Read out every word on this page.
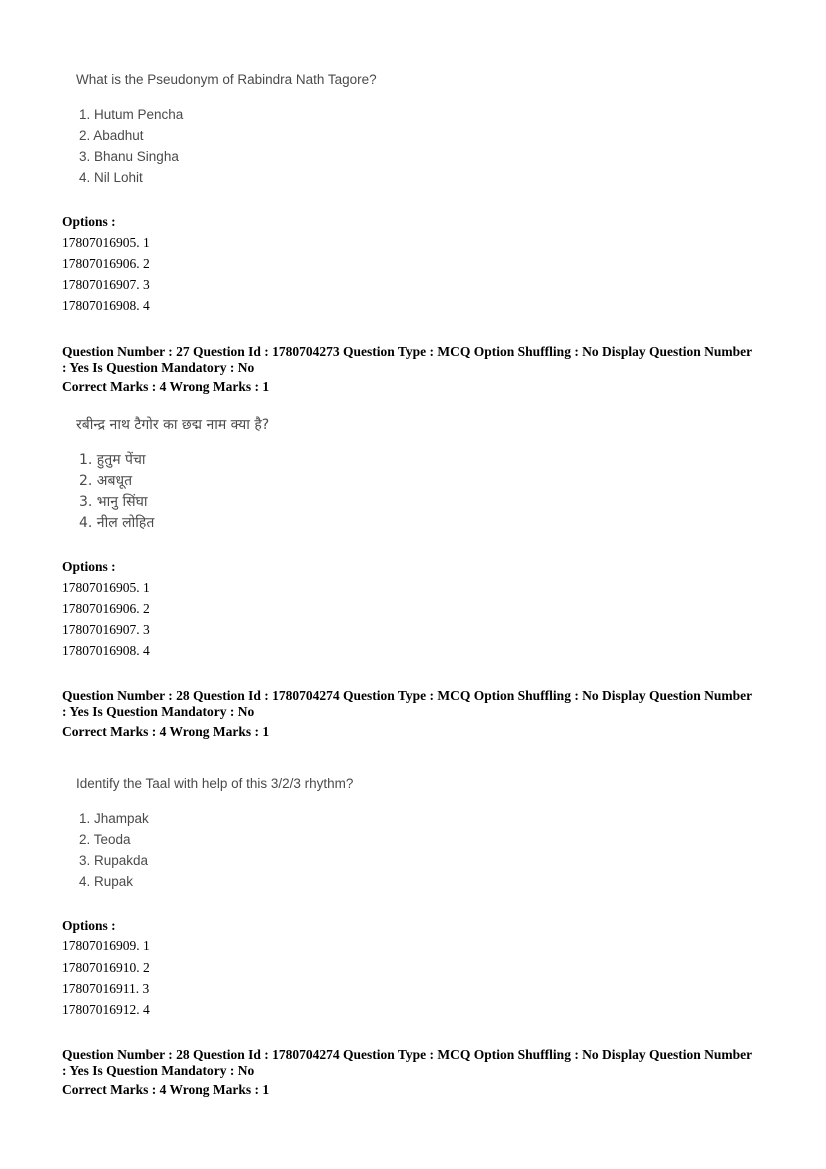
What is the Pseudonym of Rabindra Nath Tagore?
1. Hutum Pencha
2. Abadhut
3. Bhanu Singha
4. Nil Lohit
Options :
17807016905. 1
17807016906. 2
17807016907. 3
17807016908. 4
Question Number : 27 Question Id : 1780704273 Question Type : MCQ Option Shuffling : No Display Question Number : Yes Is Question Mandatory : No
Correct Marks : 4 Wrong Marks : 1
रबीन्द्र नाथ टैगोर का छद्म नाम क्या है?
1. हुतुम पेंचा
2. अबधूत
3. भानु सिंघा
4. नील लोहित
Options :
17807016905. 1
17807016906. 2
17807016907. 3
17807016908. 4
Question Number : 28 Question Id : 1780704274 Question Type : MCQ Option Shuffling : No Display Question Number : Yes Is Question Mandatory : No
Correct Marks : 4 Wrong Marks : 1
Identify the Taal with help of this 3/2/3 rhythm?
1. Jhampak
2. Teoda
3. Rupakda
4. Rupak
Options :
17807016909. 1
17807016910. 2
17807016911. 3
17807016912. 4
Question Number : 28 Question Id : 1780704274 Question Type : MCQ Option Shuffling : No Display Question Number : Yes Is Question Mandatory : No
Correct Marks : 4 Wrong Marks : 1
